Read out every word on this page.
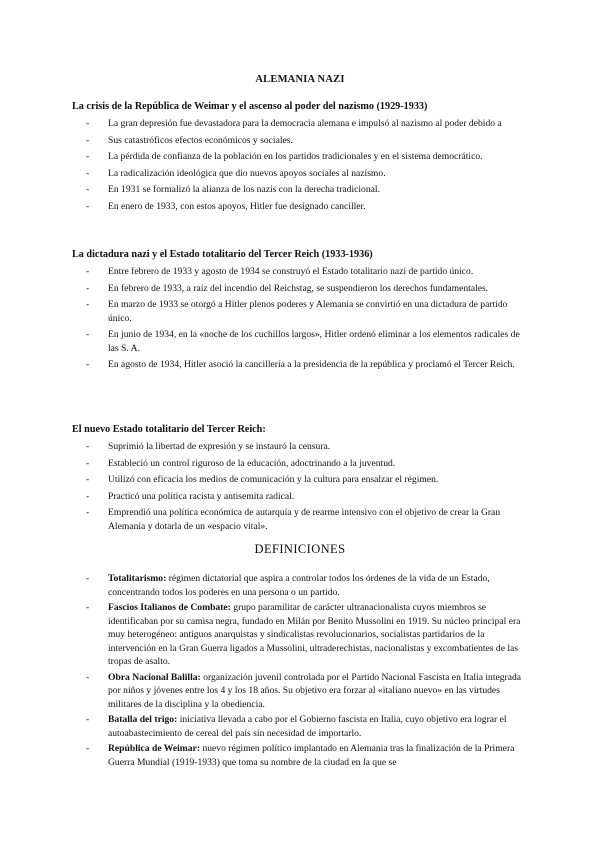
ALEMANIA NAZI
La crisis de la República de Weimar y el ascenso al poder del nazismo (1929-1933)
- La gran depresión fue devastadora para la democracia alemana e impulsó al nazismo al poder debido a
- Sus catastróficos efectos económicos y sociales.
- La pérdida de confianza de la población en los partidos tradicionales y en el sistema democrático.
- La radicalización ideológica que dio nuevos apoyos sociales al nazismo.
- En 1931 se formalizó la alianza de los nazis con la derecha tradicional.
- En enero de 1933, con estos apoyos, Hitler fue designado canciller.
La dictadura nazi y el Estado totalitario del Tercer Reich (1933-1936)
- Entre febrero de 1933 y agosto de 1934 se construyó el Estado totalitario nazi de partido único.
- En febrero de 1933, a raíz del incendio del Reichstag, se suspendieron los derechos fundamentales.
- En marzo de 1933 se otorgó a Hitler plenos poderes y Alemania se convirtió en una dictadura de partido único.
- En junio de 1934, en la «noche de los cuchillos largos», Hitler ordenó eliminar a los elementos radicales de las S. A.
- En agosto de 1934, Hitler asoció la cancillería a la presidencia de la república y proclamó el Tercer Reich.
El nuevo Estado totalitario del Tercer Reich:
- Suprimió la libertad de expresión y se instauró la censura.
- Estableció un control riguroso de la educación, adoctrinando a la juventud.
- Utilizó con eficacia los medios de comunicación y la cultura para ensalzar el régimen.
- Practicó una política racista y antisemita radical.
- Emprendió una política económica de autarquía y de rearme intensivo con el objetivo de crear la Gran Alemania y dotarla de un «espacio vital».
DEFINICIONES
- Totalitarismo: régimen dictatorial que aspira a controlar todos los órdenes de la vida de un Estado, concentrando todos los poderes en una persona o un partido.
- Fascios Italianos de Combate: grupo paramilitar de carácter ultranacionalista cuyos miembros se identificaban por su camisa negra, fundado en Milán por Benito Mussolini en 1919. Su núcleo principal era muy heterogéneo: antiguos anarquistas y sindicalistas revolucionarios, socialistas partidarios de la intervención en la Gran Guerra ligados a Mussolini, ultraderechistas, nacionalistas y excombatientes de las tropas de asalto.
- Obra Nacional Balilla: organización juvenil controlada por el Partido Nacional Fascista en Italia integrada por niños y jóvenes entre los 4 y los 18 años. Su objetivo era forzar al «italiano nuevo» en las virtudes militares de la disciplina y la obediencia.
- Batalla del trigo: iniciativa llevada a cabo por el Gobierno fascista en Italia, cuyo objetivo era lograr el autoabastecimiento de cereal del país sin necesidad de importarlo.
- República de Weimar: nuevo régimen político implantado en Alemania tras la finalización de la Primera Guerra Mundial (1919-1933) que toma su nombre de la ciudad en la que se
